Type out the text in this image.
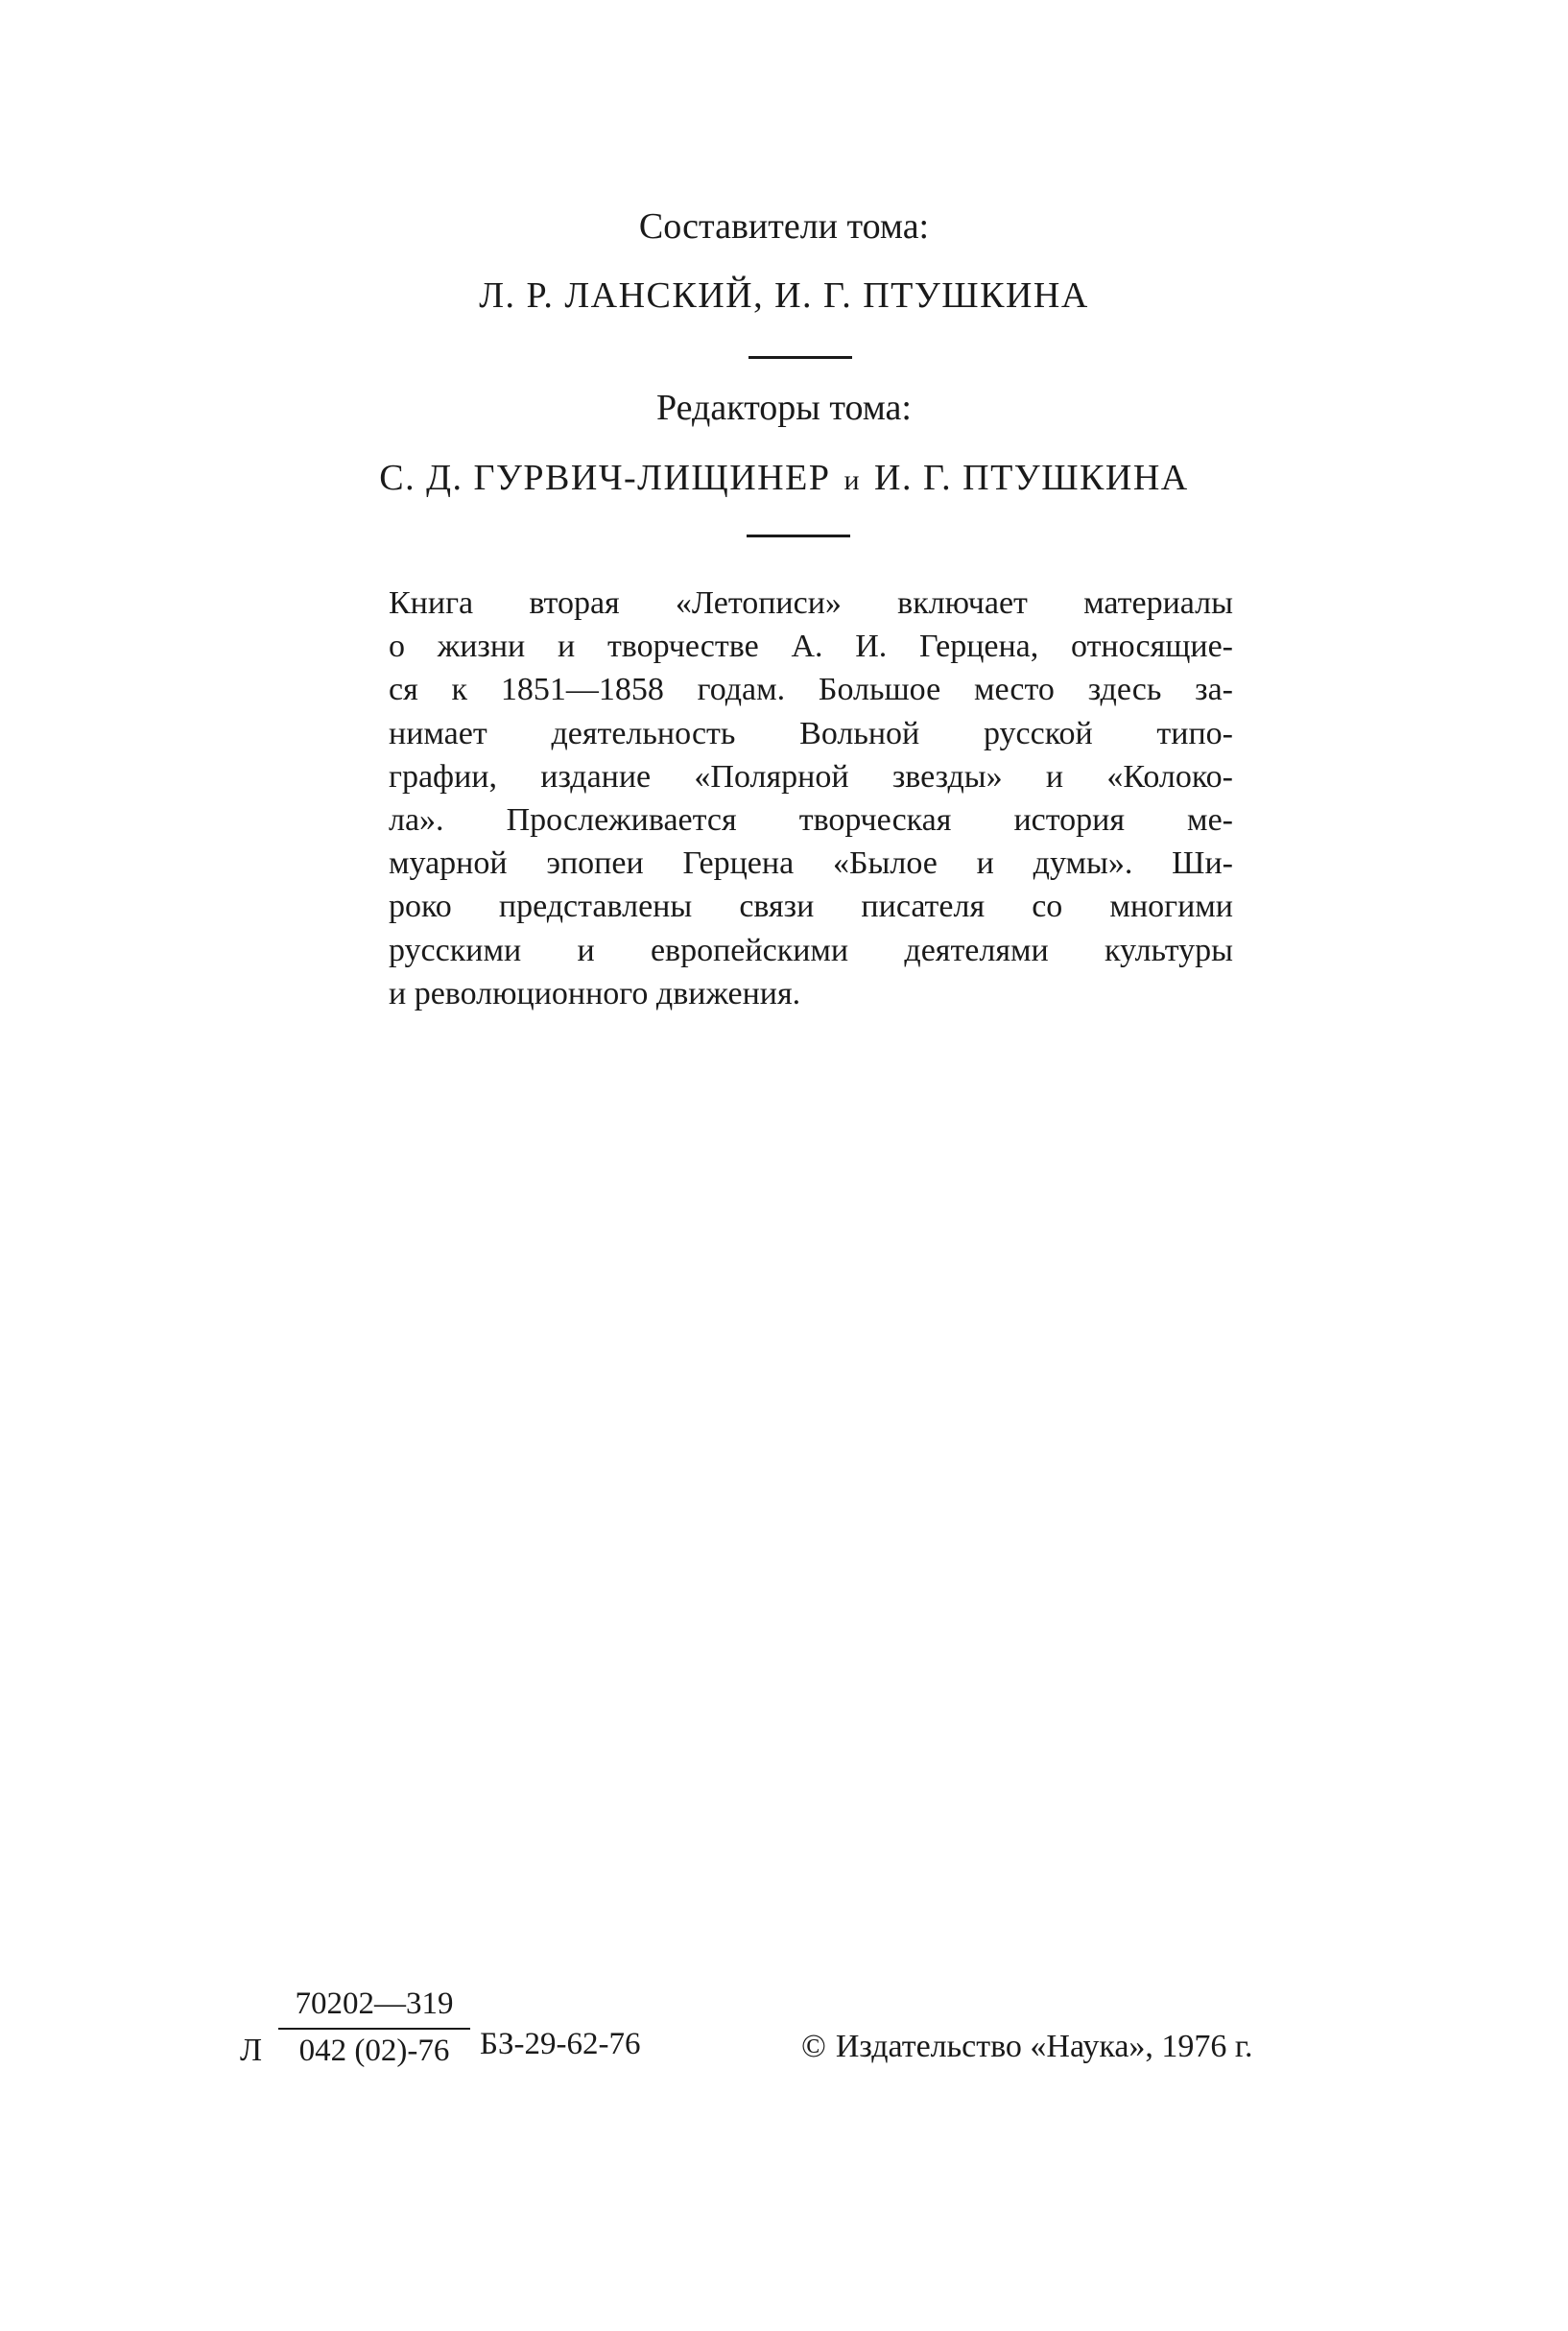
Составители тома:
Л. Р. ЛАНСКИЙ, И. Г. ПТУШКИНА
Редакторы тома:
С. Д. ГУРВИЧ-ЛИЩИНЕР и И. Г. ПТУШКИНА
Книга вторая «Летописи» включает материалы
о жизни и творчестве А. И. Герцена, относящие-
ся к 1851—1858 годам. Большое место здесь за-
нимает деятельность Вольной русской типо-
графии, издание «Полярной звезды» и «Колоко-
ла». Прослеживается творческая история ме-
муарной эпопеи Герцена «Былое и думы». Ши-
роко представлены связи писателя со многими
русскими и европейскими деятелями культуры
и революционного движения.
Л $\frac{70202—319}{042 (02)-76} БЗ-29-62-76$	© Издательство «Наука», 1976 г.
